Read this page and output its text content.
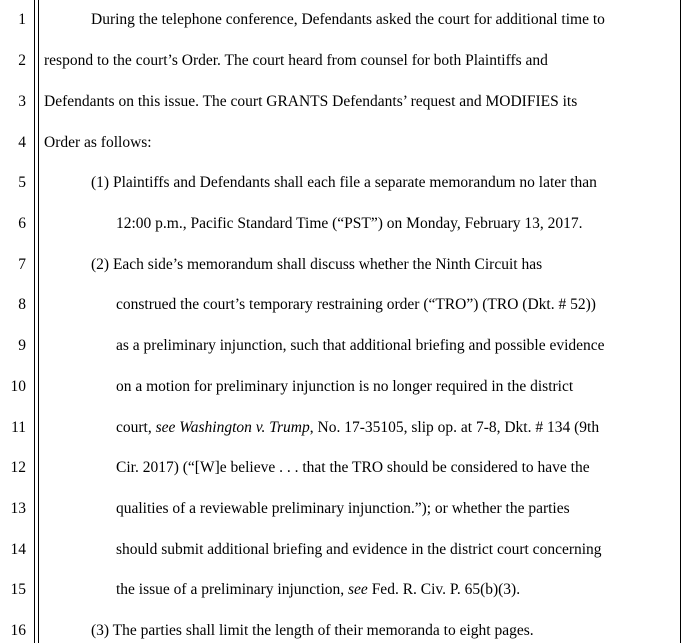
1
2
3
4
5
6
7
8
9
10
11
12
13
14
15
16
During the telephone conference, Defendants asked the court for additional time to
respond to the court’s Order. The court heard from counsel for both Plaintiffs and
Defendants on this issue. The court GRANTS Defendants’ request and MODIFIES its
Order as follows:
(1) Plaintiffs and Defendants shall each file a separate memorandum no later than
12:00 p.m., Pacific Standard Time (“PST”) on Monday, February 13, 2017.
(2) Each side’s memorandum shall discuss whether the Ninth Circuit has
construed the court’s temporary restraining order (“TRO”) (TRO (Dkt. # 52))
as a preliminary injunction, such that additional briefing and possible evidence
on a motion for preliminary injunction is no longer required in the district
court, see Washington v. Trump, No. 17-35105, slip op. at 7-8, Dkt. # 134 (9th
Cir. 2017) (“[W]e believe . . . that the TRO should be considered to have the
qualities of a reviewable preliminary injunction.”); or whether the parties
should submit additional briefing and evidence in the district court concerning
the issue of a preliminary injunction, see Fed. R. Civ. P. 65(b)(3).
(3) The parties shall limit the length of their memoranda to eight pages.
